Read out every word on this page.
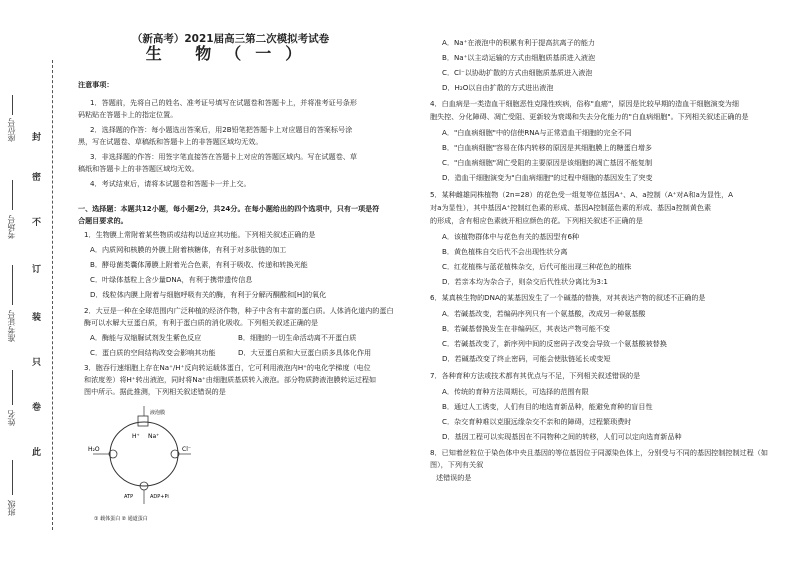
封
密
不
订
装
只
卷
此
座位号
考场号
准考证号
姓名
班级
（新高考）2021届高三第二次模拟考试卷
生 物（一）
注意事项：
1．答题前，先将自己的姓名、准考证号填写在试题卷和答题卡上，并将准考证号条形
码粘贴在答题卡上的指定位置。
2．选择题的作答：每小题选出答案后，用2B铅笔把答题卡上对应题目的答案标号涂
黑，写在试题卷、草稿纸和答题卡上的非答题区域均无效。
3．非选择题的作答：用签字笔直接答在答题卡上对应的答题区域内。写在试题卷、草
稿纸和答题卡上的非答题区域均无效。
4．考试结束后，请将本试题卷和答题卡一并上交。
一、选择题：本题共12小题，每小题2分，共24分。在每小题给出的四个选项中，只有一项是符
合题目要求的。
1．生物膜上常附着某些物质或结构以适应其功能。下列相关叙述正确的是
A．内质网和核膜的外膜上附着核糖体，有利于对多肽链的加工
B．酵母菌类囊体薄膜上附着光合色素，有利于吸收、传递和转换光能
C．叶绿体基粒上含少量DNA，有利于携带遗传信息
D．线粒体内膜上附着与细胞呼吸有关的酶，有利于分解丙酮酸和[H]的氧化
2．大豆是一种在全球范围内广泛种植的经济作物，种子中含有丰富的蛋白质。人体消化道内的蛋白
酶可以水解大豆蛋白质，有利于蛋白质的消化吸收。下列相关叙述正确的是
A．酶能与双缩脲试剂发生紫色反应	B．细胞的一切生命活动离不开蛋白质
C．蛋白质的空间结构改变会影响其功能	D．大豆蛋白质和大豆蛋白质多具体化作用
3．胞吞行速细胞上存在Na⁺/H⁺反向转运载体蛋白，它可利用液泡内H⁺的电化学梯度（电位
和浓度差）将H⁺转出液泡，同时将Na⁺由细胞质基质转入液泡。部分物质跨液泡膜转运过程如
图中所示。据此推测，下列相关叙述错误的是
液泡膜
H₂O	Cl⁻
Na⁺
H⁺
ATP	ADP+Pi
① 载体蛋白 ② 通道蛋白
A．Na⁺在液泡中的积累有利于提高抗离子的能力
B．Na⁺以主动运输的方式由细胞质基质进入液泡
C．Cl⁻以协助扩散的方式由细胞质基质进入液泡
D．H₂O以自由扩散的方式进出液泡
4．白血病是一类造血干细胞恶性克隆性疾病，俗称"血癌"，原因是比较早期的造血干细胞演变为细
胞失控、分化障碍、凋亡受阻、更新较为衰竭和失去分化能力的"白血病细胞"。下列相关叙述正确的是
A．"白血病细胞"中的信使RNA与正常造血干细胞的完全不同
B．"白血病细胞"容易在体内转移的原因是其细胞膜上的糖蛋白增多
C．"白血病细胞"凋亡受阻的主要原因是该细胞的凋亡基因不能复制
D．造血干细胞演变为"白血病细胞"的过程中细胞的基因发生了突变
5．某种雌雄同株植物（2n=28）的花色受一组复等位基因A⁺、A、a控制（A⁺对A和a为显性，A
对a为显性），其中基因A⁺控制红色素的形成、基因A控制蓝色素的形成、基因a控制黄色素
的形成，含有相应色素就开相应颜色的花。下列相关叙述不正确的是
A．该植物群体中与花色有关的基因型有6种
B．黄色植株自交后代不会出现性状分离
C．红花植株与蓝花植株杂交，后代可能出现三种花色的植株
D．若亲本均为杂合子，则杂交后代性状分离比为3:1
6．某真核生物的DNA的某基因发生了一个碱基的替换，对其表达产物的叙述不正确的是
A．若碱基改变，若编码序列只有一个氨基酸，改成另一种氨基酸
B．若碱基替换发生在非编码区，其表达产物可能不变
C．若碱基改变了，新序列中间的反密码子改变会导致一个氨基酸被替换
D．若碱基改变了终止密码，可能会使肽链延长或变短
7．各种育种方法或技术都有其优点与不足，下列相关叙述错误的是
A．传统的育种方法周期长，可选择的范围有限
B．通过人工诱变，人们有目的地选育新品种，能避免育种的盲目性
C．杂交育种难以克服远缘杂交不亲和的障碍，过程繁琐费时
D．基因工程可以实现基因在不同物种之间的转移，人们可以定向选育新品种
8．已知着丝粒位于染色体中央且基因的等位基因位于同源染色体上，分别受与不同的基因控制控制过程（如图），下列有关叙
述错误的是
